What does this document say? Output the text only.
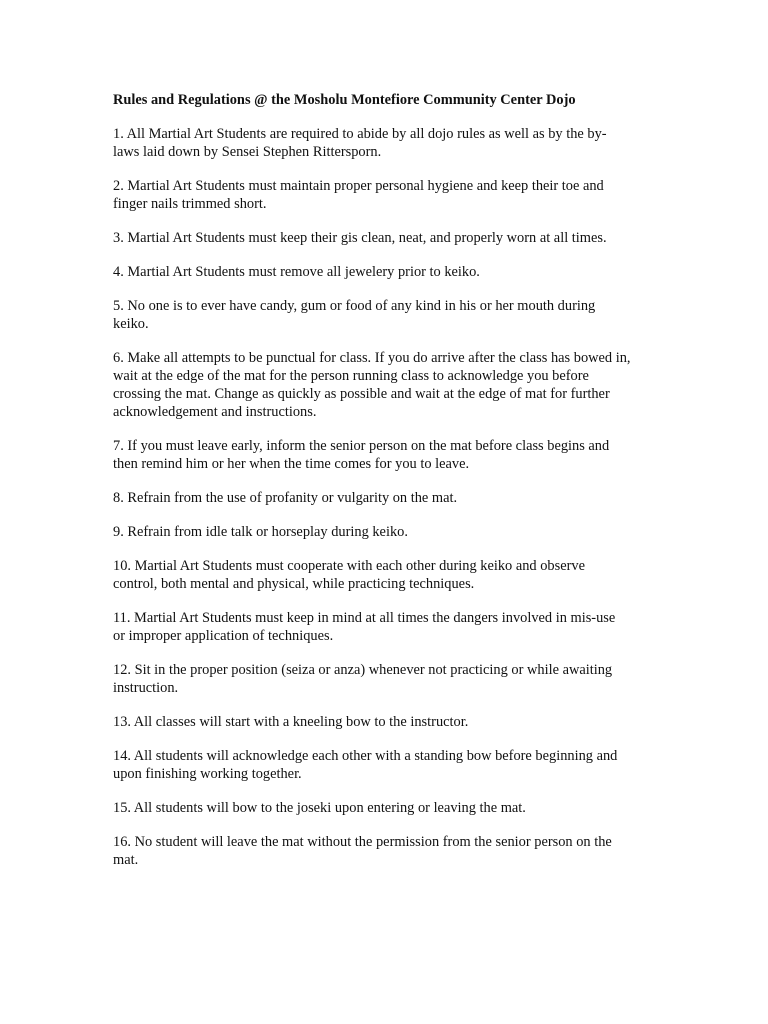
Rules and Regulations @ the Mosholu Montefiore Community Center Dojo
1. All Martial Art Students are required to abide by all dojo rules as well as by the by-
laws laid down by Sensei Stephen Rittersporn.
2. Martial Art Students must maintain proper personal hygiene and keep their toe and
finger nails trimmed short.
3. Martial Art Students must keep their gis clean, neat, and properly worn at all times.
4. Martial Art Students must remove all jewelery prior to keiko.
5. No one is to ever have candy, gum or food of any kind in his or her mouth during
keiko.
6. Make all attempts to be punctual for class. If you do arrive after the class has bowed in,
wait at the edge of the mat for the person running class to acknowledge you before
crossing the mat. Change as quickly as possible and wait at the edge of mat for further
acknowledgement and instructions.
7. If you must leave early, inform the senior person on the mat before class begins and
then remind him or her when the time comes for you to leave.
8. Refrain from the use of profanity or vulgarity on the mat.
9. Refrain from idle talk or horseplay during keiko.
10. Martial Art Students must cooperate with each other during keiko and observe
control, both mental and physical, while practicing techniques.
11. Martial Art Students must keep in mind at all times the dangers involved in mis-use
or improper application of techniques.
12. Sit in the proper position (seiza or anza) whenever not practicing or while awaiting
instruction.
13. All classes will start with a kneeling bow to the instructor.
14. All students will acknowledge each other with a standing bow before beginning and
upon finishing working together.
15. All students will bow to the joseki upon entering or leaving the mat.
16. No student will leave the mat without the permission from the senior person on the
mat.
